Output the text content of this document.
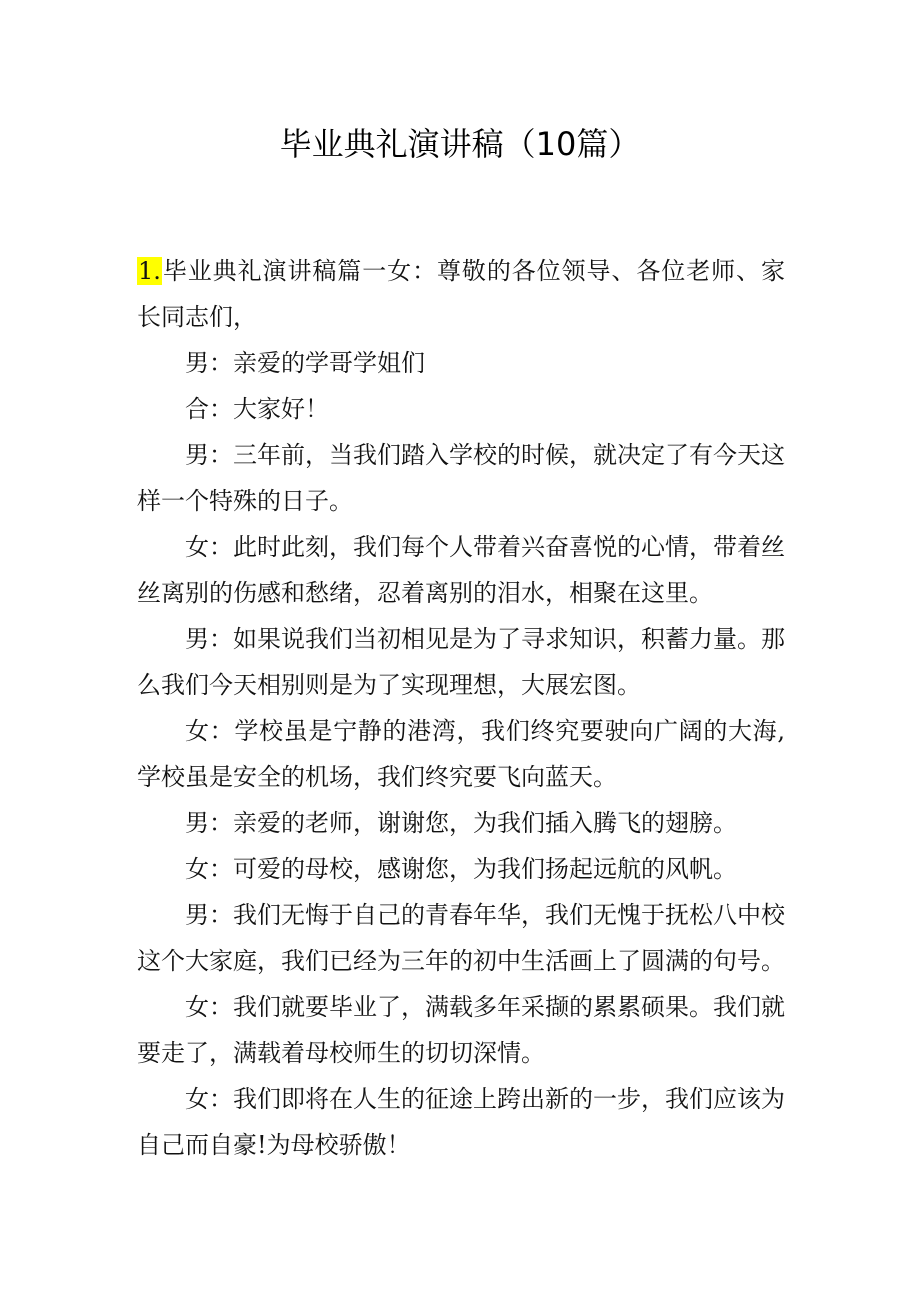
毕业典礼演讲稿（10篇）

1.毕业典礼演讲稿篇一女：尊敬的各位领导、各位老师、家长同志们，

男：亲爱的学哥学姐们

合：大家好！

男：三年前，当我们踏入学校的时候，就决定了有今天这样一个特殊的日子。

女：此时此刻，我们每个人带着兴奋喜悦的心情，带着丝丝离别的伤感和愁绪，忍着离别的泪水，相聚在这里。

男：如果说我们当初相见是为了寻求知识，积蓄力量。那么我们今天相别则是为了实现理想，大展宏图。

女：学校虽是宁静的港湾，我们终究要驶向广阔的大海,学校虽是安全的机场，我们终究要飞向蓝天。

男：亲爱的老师，谢谢您，为我们插入腾飞的翅膀。

女：可爱的母校，感谢您，为我们扬起远航的风帆。

男：我们无悔于自己的青春年华，我们无愧于抚松八中校这个大家庭，我们已经为三年的初中生活画上了圆满的句号。

女：我们就要毕业了，满载多年采撷的累累硕果。我们就要走了，满载着母校师生的切切深情。

女：我们即将在人生的征途上跨出新的一步，我们应该为自己而自豪!为母校骄傲！
